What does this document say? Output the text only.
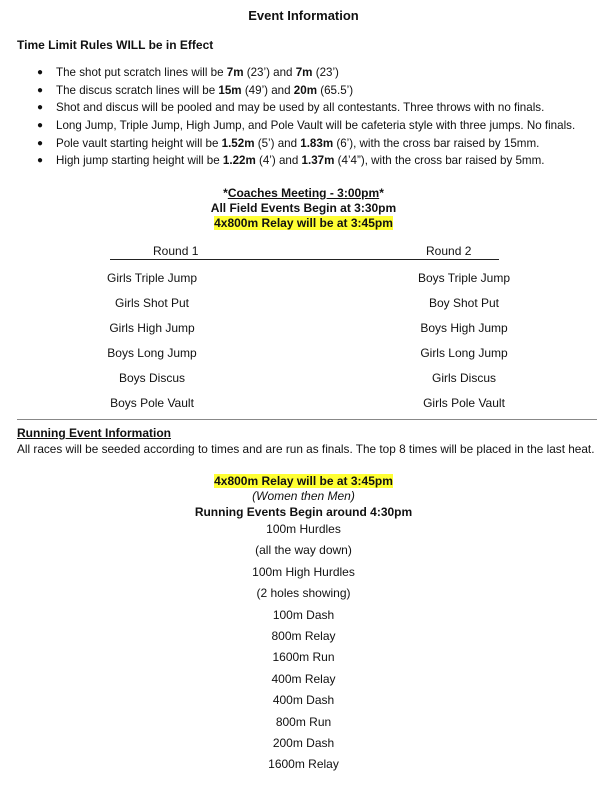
Event Information
Time Limit Rules WILL be in Effect
● The shot put scratch lines will be 7m (23’) and 7m (23’)
● The discus scratch lines will be 15m (49’) and 20m (65.5’)
● Shot and discus will be pooled and may be used by all contestants. Three throws with no finals.
● Long Jump, Triple Jump, High Jump, and Pole Vault will be cafeteria style with three jumps. No finals.
● Pole vault starting height will be 1.52m (5’) and 1.83m (6’), with the cross bar raised by 15mm.
● High jump starting height will be 1.22m (4’) and 1.37m (4’4”), with the cross bar raised by 5mm.
*Coaches Meeting - 3:00pm*
All Field Events Begin at 3:30pm
4x800m Relay will be at 3:45pm
Round 1	Round 2
Girls Triple Jump
Girls Shot Put
Girls High Jump
Boys Long Jump
Boys Discus
Boys Pole Vault
Boys Triple Jump
Boy Shot Put
Boys High Jump
Girls Long Jump
Girls Discus
Girls Pole Vault
Running Event Information
All races will be seeded according to times and are run as finals. The top 8 times will be placed in the last heat.
4x800m Relay will be at 3:45pm
(Women then Men)
Running Events Begin around 4:30pm
100m Hurdles
(all the way down)
100m High Hurdles
(2 holes showing)
100m Dash
800m Relay
1600m Run
400m Relay
400m Dash
800m Run
200m Dash
1600m Relay
